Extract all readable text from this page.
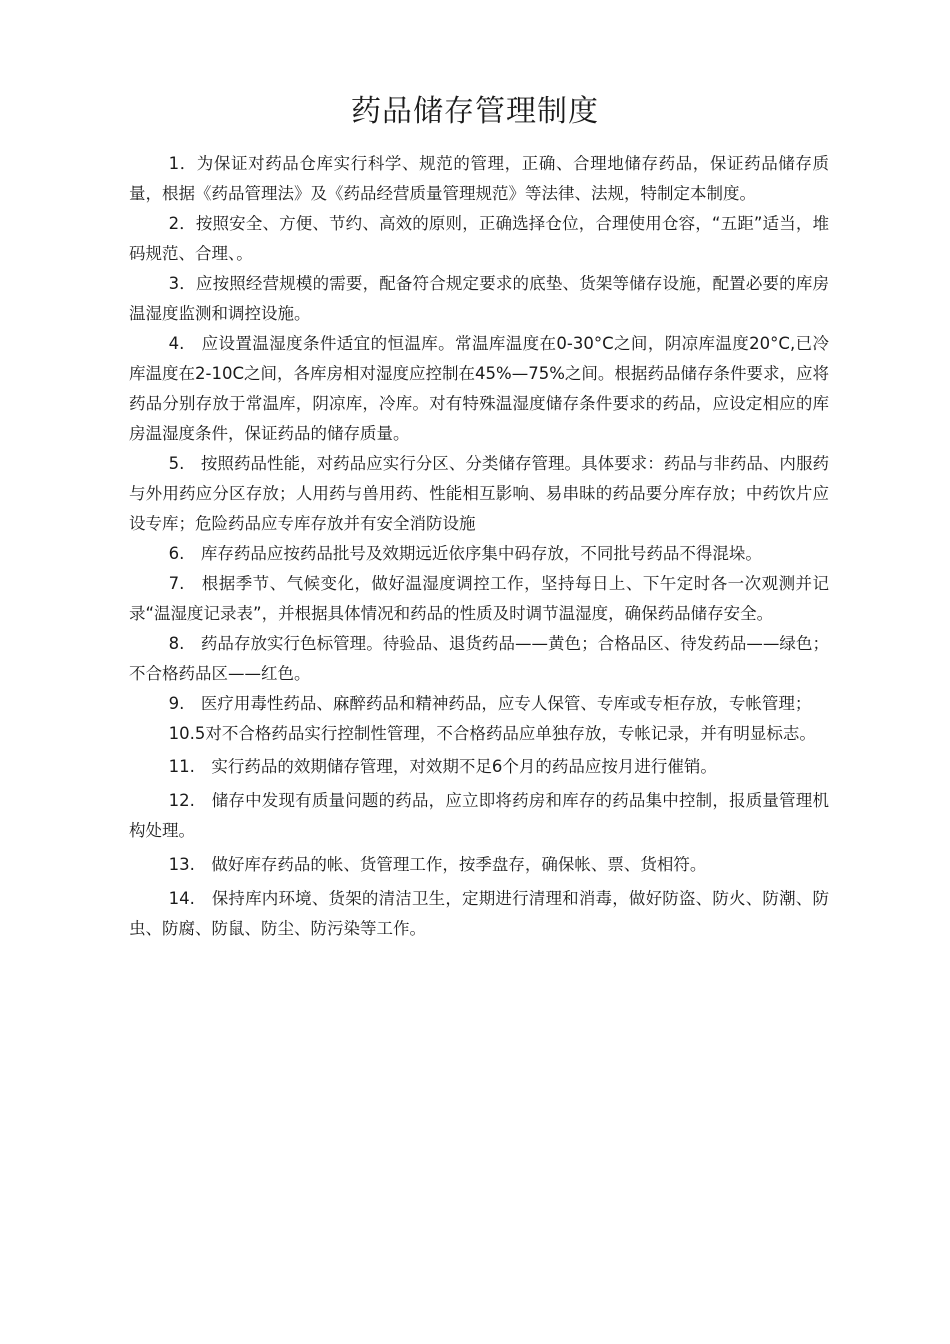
药品储存管理制度

1．为保证对药品仓库实行科学、规范的管理，正确、合理地储存药品，保证药品储存质量，根据《药品管理法》及《药品经营质量管理规范》等法律、法规，特制定本制度。

2．按照安全、方便、节约、高效的原则，正确选择仓位，合理使用仓容，“五距”适当，堆码规范、合理、。

3．应按照经营规模的需要，配备符合规定要求的底垫、货架等储存设施，配置必要的库房温湿度监测和调控设施。

4.　应设置温湿度条件适宜的恒温库。常温库温度在0-30°C之间，阴凉库温度20°C,已冷库温度在2-10C之间，各库房相对湿度应控制在45%—75%之间。根据药品储存条件要求，应将药品分别存放于常温库，阴凉库，冷库。对有特殊温湿度储存条件要求的药品，应设定相应的库房温湿度条件，保证药品的储存质量。

5.　按照药品性能，对药品应实行分区、分类储存管理。具体要求：药品与非药品、内服药与外用药应分区存放；人用药与兽用药、性能相互影响、易串昧的药品要分库存放；中药饮片应设专库；危险药品应专库存放并有安全消防设施

6.　库存药品应按药品批号及效期远近依序集中码存放，不同批号药品不得混垛。

7.　根据季节、气候变化，做好温湿度调控工作，坚持每日上、下午定时各一次观测并记录“温湿度记录表”，并根据具体情况和药品的性质及时调节温湿度，确保药品储存安全。

8.　药品存放实行色标管理。待验品、退货药品——黄色；合格品区、待发药品——绿色；不合格药品区——红色。

9.　医疗用毒性药品、麻醉药品和精神药品，应专人保管、专库或专柜存放，专帐管理；

10.5对不合格药品实行控制性管理，不合格药品应单独存放，专帐记录，并有明显标志。

11.　实行药品的效期储存管理，对效期不足6个月的药品应按月进行催销。

12.　储存中发现有质量问题的药品，应立即将药房和库存的药品集中控制，报质量管理机构处理。

13.　做好库存药品的帐、货管理工作，按季盘存，确保帐、票、货相符。

14.　保持库内环境、货架的清洁卫生，定期进行清理和消毒，做好防盗、防火、防潮、防虫、防腐、防鼠、防尘、防污染等工作。
